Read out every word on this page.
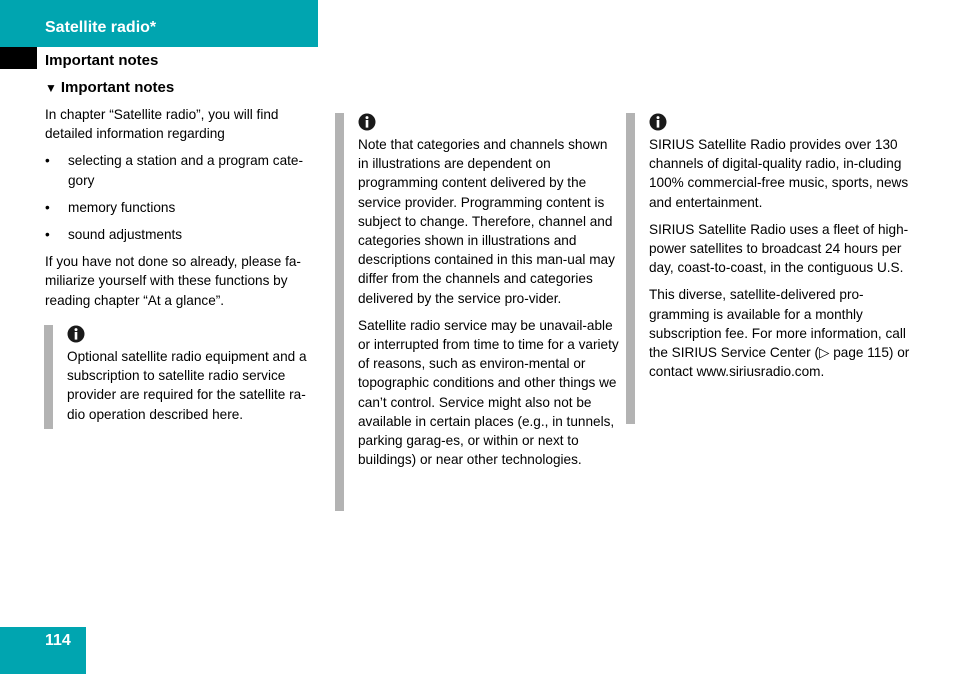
Satellite radio*
Important notes
▼ Important notes

In chapter “Satellite radio”, you will find detailed information regarding

• selecting a station and a program cate-gory
• memory functions
• sound adjustments

If you have not done so already, please fa-miliarize yourself with these functions by reading chapter “At a glance”.

Optional satellite radio equipment and a subscription to satellite radio service provider are required for the satellite ra-dio operation described here.

Note that categories and channels shown in illustrations are dependent on programming content delivered by the service provider. Programming content is subject to change. Therefore, channel and categories shown in illustrations and descriptions contained in this man-ual may differ from the channels and categories delivered by the service pro-vider.

Satellite radio service may be unavail-able or interrupted from time to time for a variety of reasons, such as environ-mental or topographic conditions and other things we can’t control. Service might also not be available in certain places (e.g., in tunnels, parking garag-es, or within or next to buildings) or near other technologies.

SIRIUS Satellite Radio provides over 130 channels of digital-quality radio, in-cluding 100% commercial-free music, sports, news and entertainment.

SIRIUS Satellite Radio uses a fleet of high-power satellites to broadcast 24 hours per day, coast-to-coast, in the contiguous U.S.

This diverse, satellite-delivered pro-gramming is available for a monthly subscription fee. For more information, call the SIRIUS Service Center (▷ page 115) or contact www.siriusradio.com.

114
